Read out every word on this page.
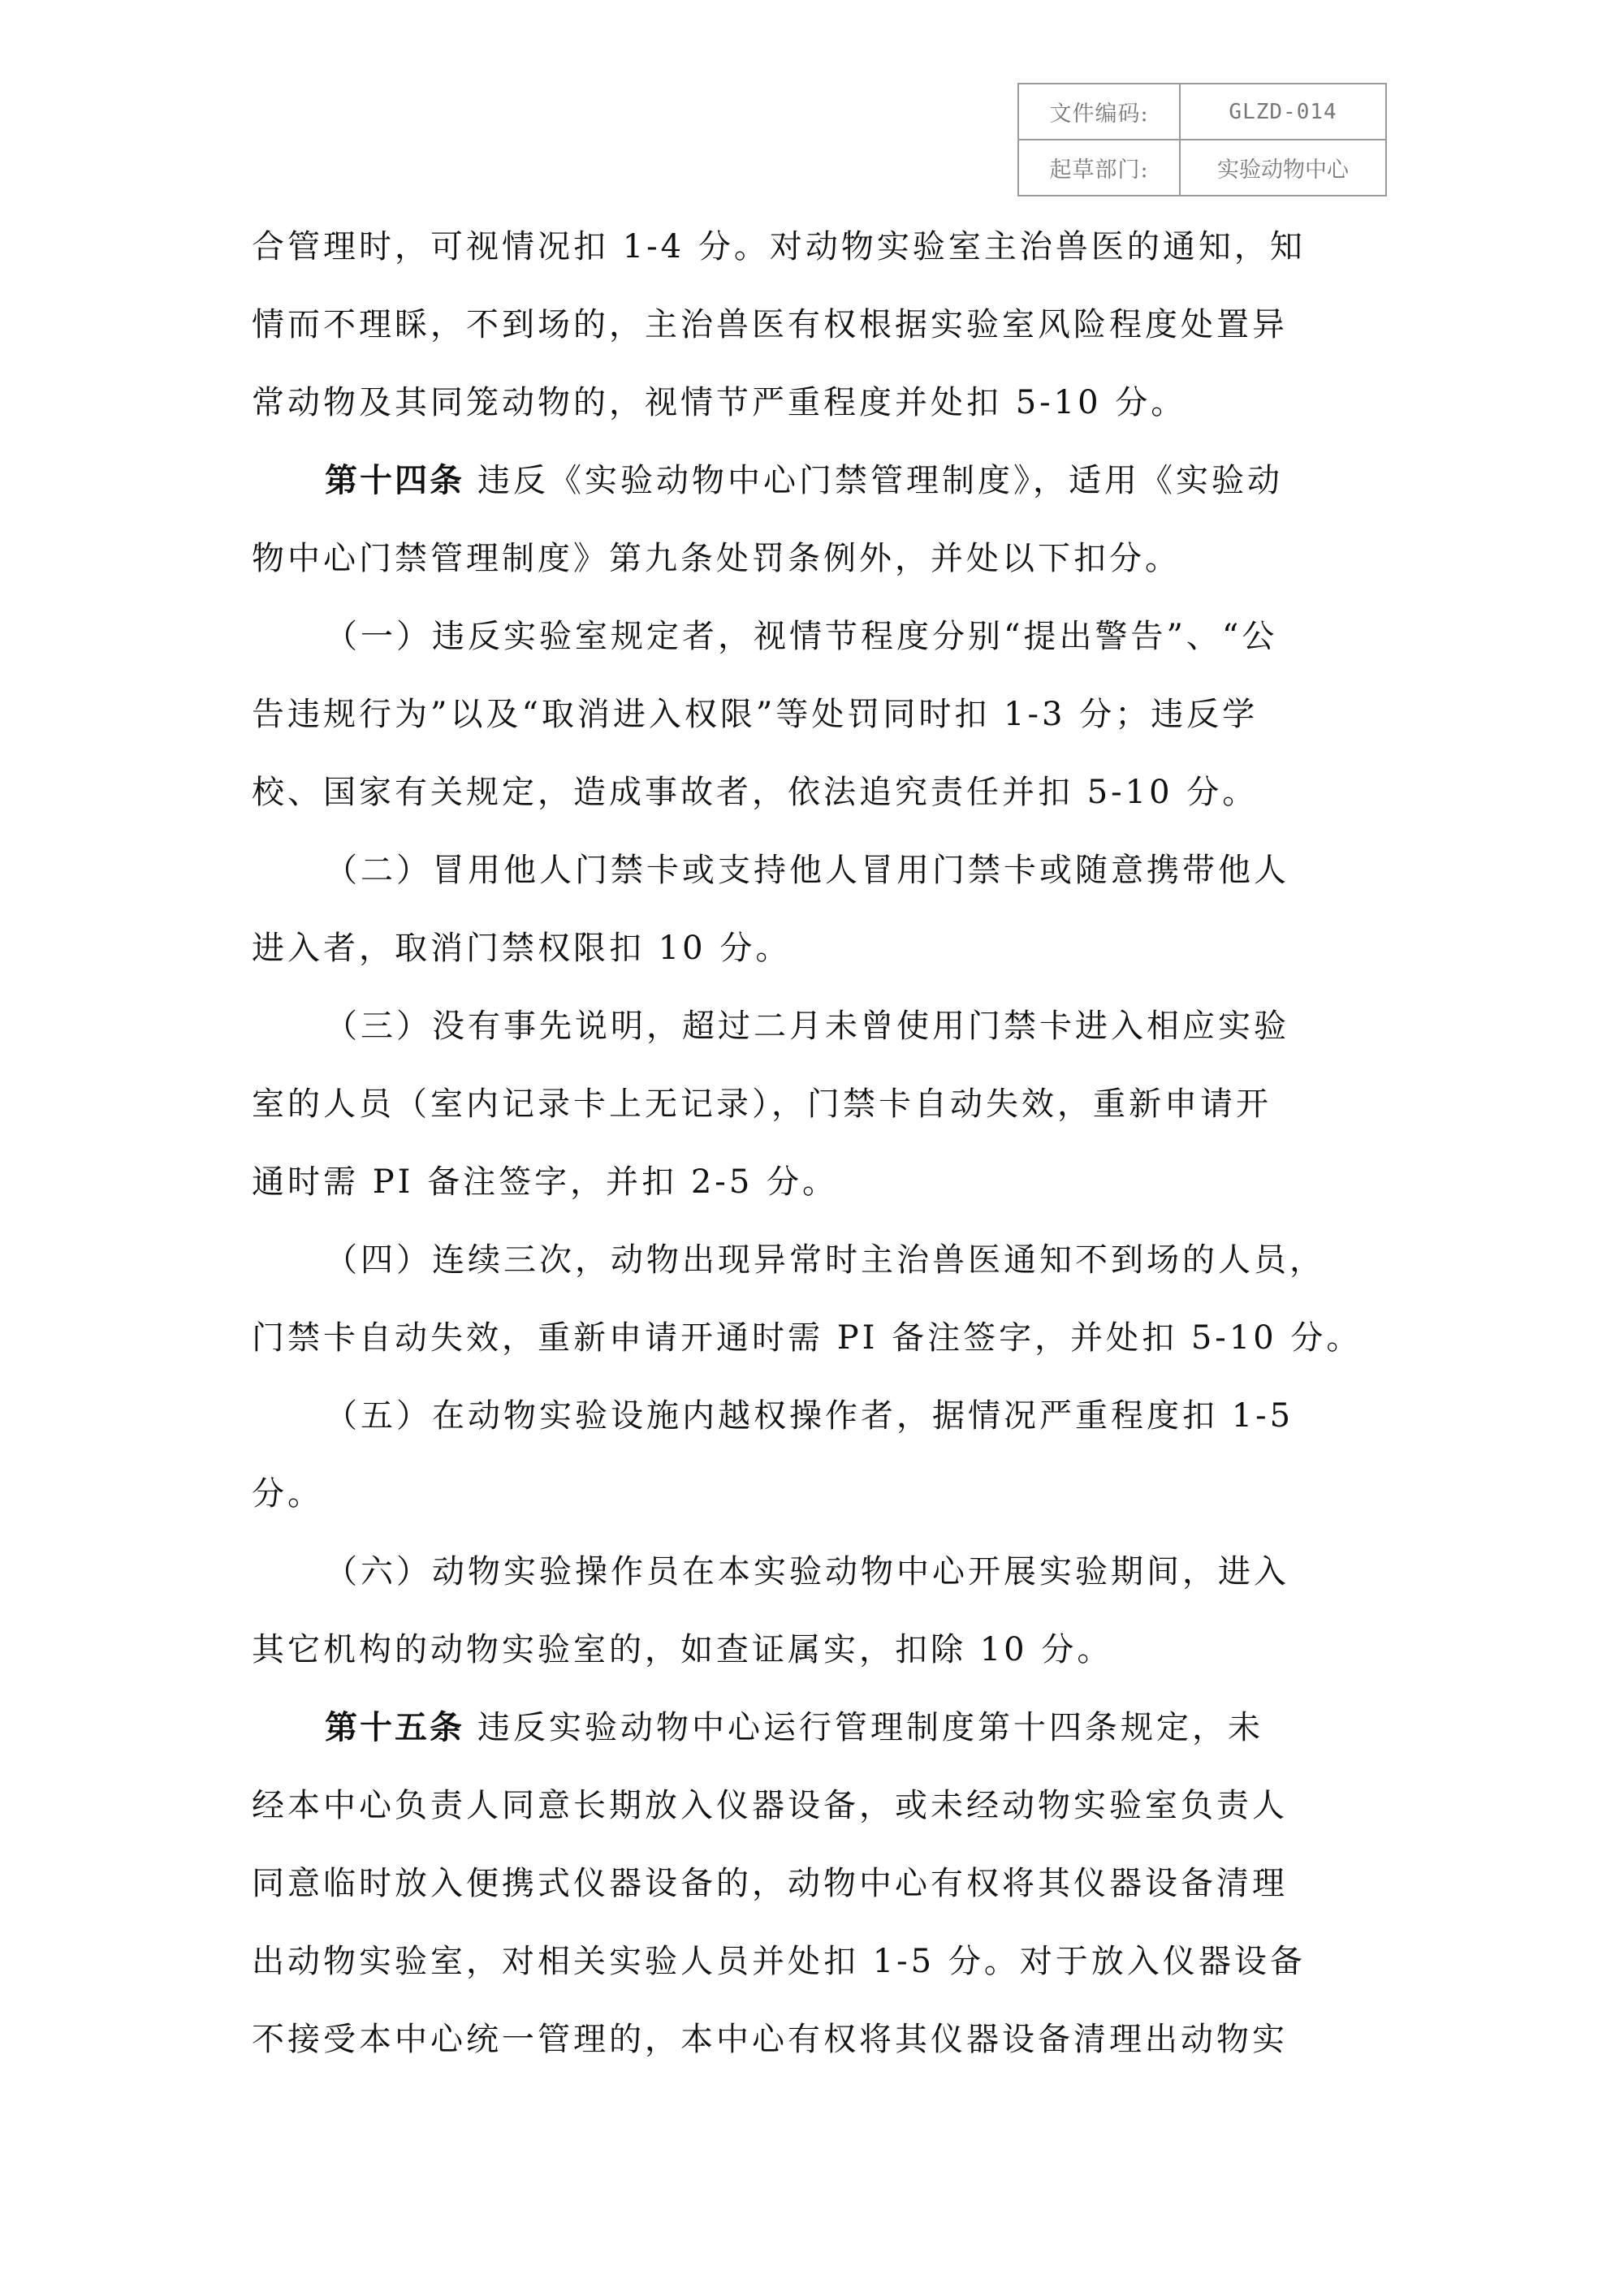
文件编码:	GLZD-014
起草部门:	实验动物中心

合管理时，可视情况扣 1-4 分。对动物实验室主治兽医的通知，知
情而不理睬，不到场的，主治兽医有权根据实验室风险程度处置异
常动物及其同笼动物的，视情节严重程度并处扣 5-10 分。

第十四条 违反《实验动物中心门禁管理制度》，适用《实验动
物中心门禁管理制度》第九条处罚条例外，并处以下扣分。

（一）违反实验室规定者，视情节程度分别“提出警告”、“公
告违规行为”以及“取消进入权限”等处罚同时扣 1-3 分；违反学
校、国家有关规定，造成事故者，依法追究责任并扣 5-10 分。

（二）冒用他人门禁卡或支持他人冒用门禁卡或随意携带他人
进入者，取消门禁权限扣 10 分。

（三）没有事先说明，超过二月未曾使用门禁卡进入相应实验
室的人员（室内记录卡上无记录），门禁卡自动失效，重新申请开
通时需 PI 备注签字，并扣 2-5 分。

（四）连续三次，动物出现异常时主治兽医通知不到场的人员，
门禁卡自动失效，重新申请开通时需 PI 备注签字，并处扣 5-10 分。

（五）在动物实验设施内越权操作者，据情况严重程度扣 1-5
分。

（六）动物实验操作员在本实验动物中心开展实验期间，进入
其它机构的动物实验室的，如查证属实，扣除 10 分。

第十五条 违反实验动物中心运行管理制度第十四条规定，未
经本中心负责人同意长期放入仪器设备，或未经动物实验室负责人
同意临时放入便携式仪器设备的，动物中心有权将其仪器设备清理
出动物实验室，对相关实验人员并处扣 1-5 分。对于放入仪器设备
不接受本中心统一管理的，本中心有权将其仪器设备清理出动物实
